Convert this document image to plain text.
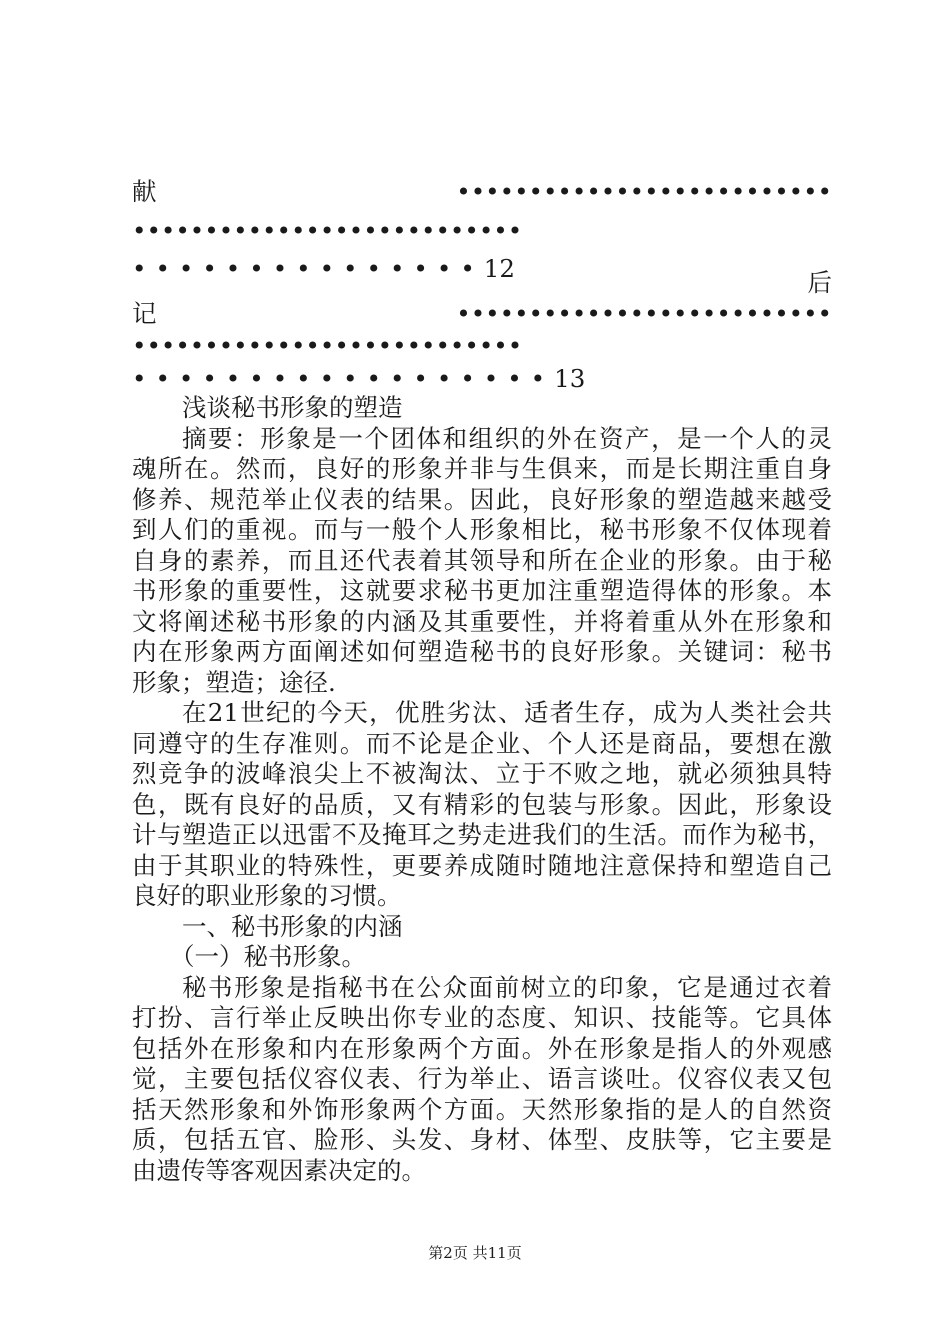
献 ••••••••••••••••••••••••••
•••••••••••••••••••••••••••
•••••••••••••••12	后
记 ••••••••••••••••••••••••••
•••••••••••••••••••••••••••
••••••••••••••••••13
浅谈秘书形象的塑造
摘要：形象是一个团体和组织的外在资产，是一个人的灵
魂所在。然而，良好的形象并非与生俱来，而是长期注重自身
修养、规范举止仪表的结果。因此，良好形象的塑造越来越受
到人们的重视。而与一般个人形象相比，秘书形象不仅体现着
自身的素养，而且还代表着其领导和所在企业的形象。由于秘
书形象的重要性，这就要求秘书更加注重塑造得体的形象。本
文将阐述秘书形象的内涵及其重要性，并将着重从外在形象和
内在形象两方面阐述如何塑造秘书的良好形象。关键词：秘书
形象；塑造；途径.
在21世纪的今天，优胜劣汰、适者生存，成为人类社会共
同遵守的生存准则。而不论是企业、个人还是商品，要想在激
烈竞争的波峰浪尖上不被淘汰、立于不败之地，就必须独具特
色，既有良好的品质，又有精彩的包装与形象。因此，形象设
计与塑造正以迅雷不及掩耳之势走进我们的生活。而作为秘书，
由于其职业的特殊性，更要养成随时随地注意保持和塑造自己
良好的职业形象的习惯。
一、秘书形象的内涵
（一）秘书形象。
秘书形象是指秘书在公众面前树立的印象，它是通过衣着
打扮、言行举止反映出你专业的态度、知识、技能等。它具体
包括外在形象和内在形象两个方面。外在形象是指人的外观感
觉，主要包括仪容仪表、行为举止、语言谈吐。仪容仪表又包
括天然形象和外饰形象两个方面。天然形象指的是人的自然资
质，包括五官、脸形、头发、身材、体型、皮肤等，它主要是
由遗传等客观因素决定的。
第2页 共11页
